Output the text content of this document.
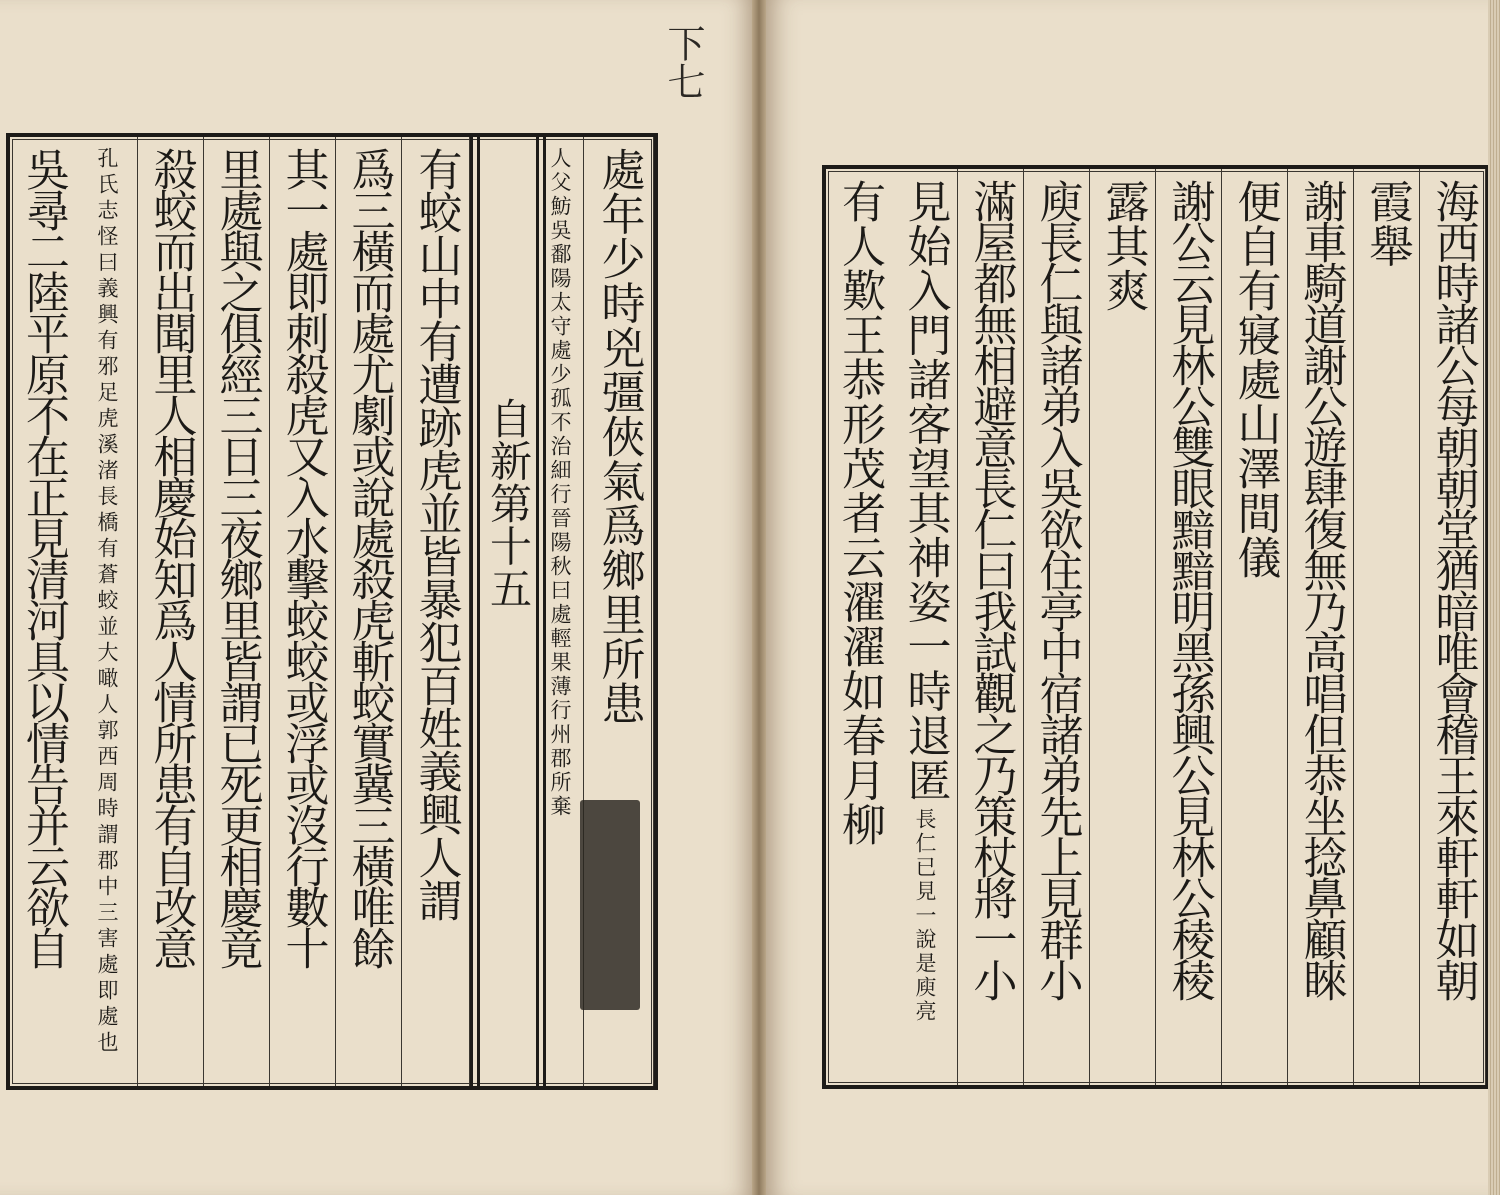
下七
處年少時兇彊俠氣爲鄉里所患
自新第十五 人父魴吳鄱陽太守處少孤不治細行晉陽秋曰處輕果薄行州郡所棄
有蛟山中有遭跡虎並皆暴犯百姓義興人謂
爲三橫而處尤劇或說處殺虎斬蛟實冀三橫唯餘
其一處即刺殺虎又入水擊蛟蛟或浮或沒行數十
里處與之俱經三日三夜鄉里皆謂已死更相慶竟
殺蛟而出聞里人相慶始知爲人情所患有自改意
孔氏志怪曰義興有邪足虎溪渚長橋有蒼蛟並大噉人郭西周時謂郡中三害處即處也
吳尋二陸平原不在正見清河具以情告并云欲自	海西時諸公每朝朝堂猶暗唯會稽王來軒軒如朝
霞舉
謝車騎道謝公遊肆復無乃高唱但恭坐捻鼻顧睞
便自有寢處山澤間儀
謝公云見林公雙眼黯黯明黑孫興公見林公稜稜
露其爽
庾長仁與諸弟入吳欲住亭中宿諸弟先上見群小
滿屋都無相避意長仁曰我試觀之乃策杖將一小
見始入門諸客望其神姿一時退匿
長仁已見一說是庾亮
有人歎王恭形茂者云濯濯如春月柳
